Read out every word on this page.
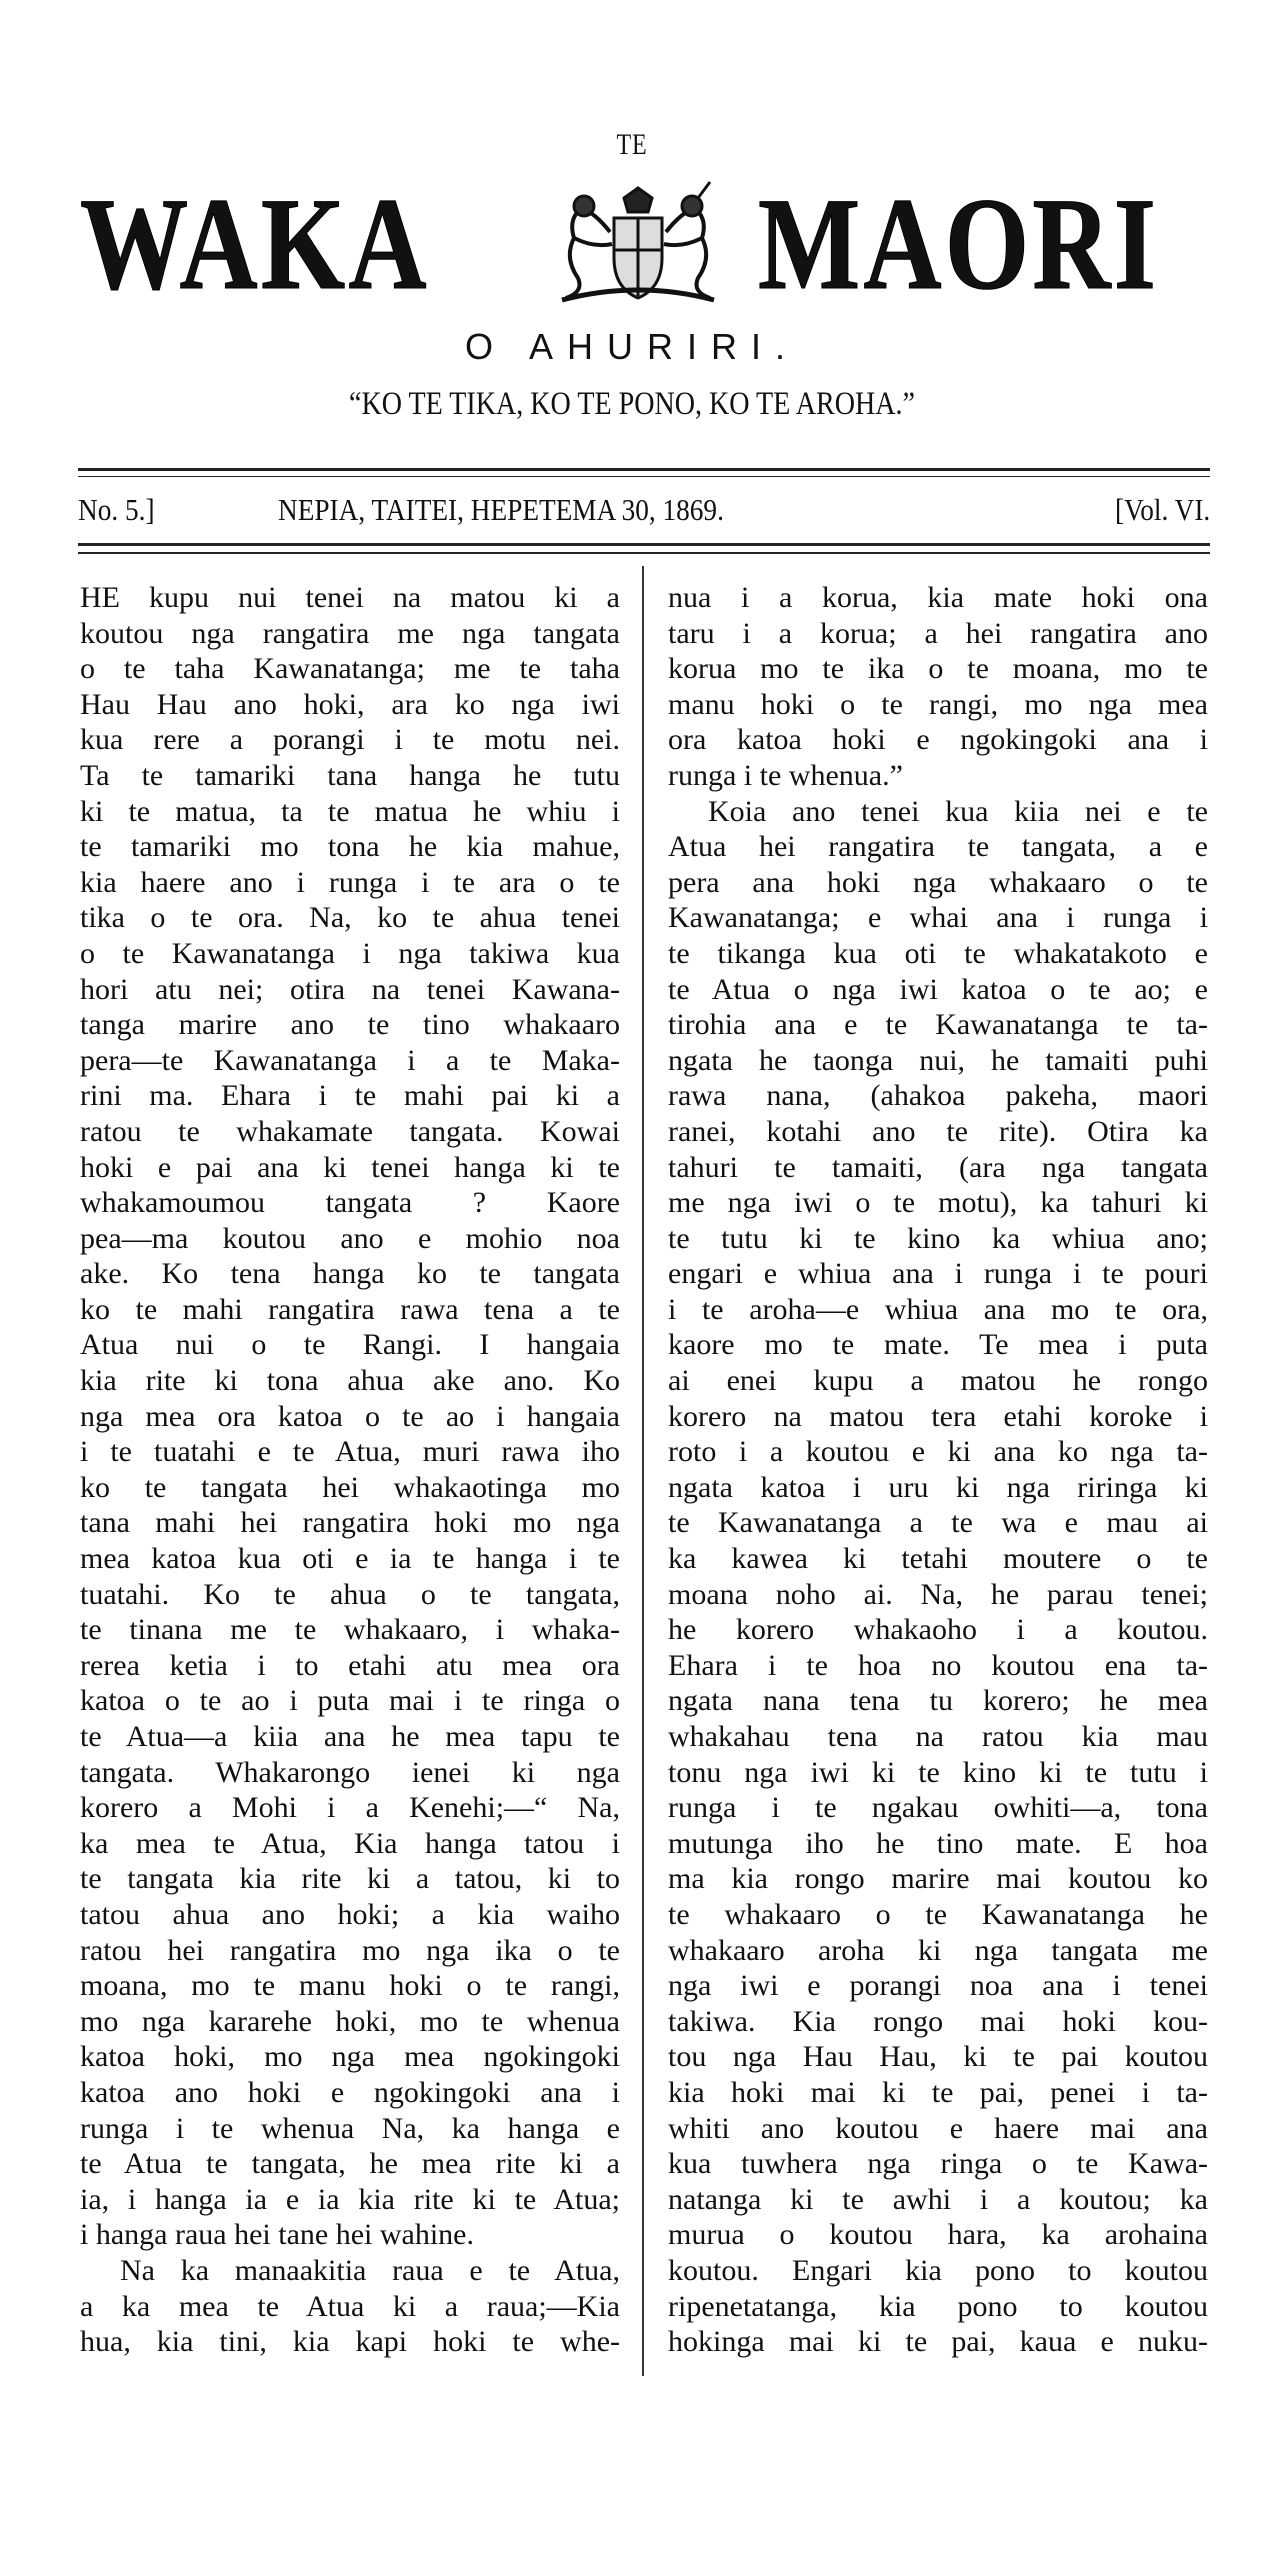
TE
WAKA MAORI
O AHURIRI.
“KO TE TIKA, KO TE PONO, KO TE AROHA.”
No. 5.]	NEPIA, TAITEI, HEPETEMA 30, 1869.	[Vol. VI.
HE kupu nui tenei na matou ki a
koutou nga rangatira me nga tangata
o te taha Kawanatanga; me te taha
Hau Hau ano hoki, ara ko nga iwi
kua rere a porangi i te motu nei.
Ta te tamariki tana hanga he tutu
ki te matua, ta te matua he whiu i
te tamariki mo tona he kia mahue,
kia haere ano i runga i te ara o te
tika o te ora. Na, ko te ahua tenei
o te Kawanatanga i nga takiwa kua
hori atu nei; otira na tenei Kawana-
tanga marire ano te tino whakaaro
pera—te Kawanatanga i a te Maka-
rini ma. Ehara i te mahi pai ki a
ratou te whakamate tangata. Kowai
hoki e pai ana ki tenei hanga ki te
whakamoumou tangata ? Kaore
pea—ma koutou ano e mohio noa
ake. Ko tena hanga ko te tangata
ko te mahi rangatira rawa tena a te
Atua nui o te Rangi. I hangaia
kia rite ki tona ahua ake ano. Ko
nga mea ora katoa o te ao i hangaia
i te tuatahi e te Atua, muri rawa iho
ko te tangata hei whakaotinga mo
tana mahi hei rangatira hoki mo nga
mea katoa kua oti e ia te hanga i te
tuatahi. Ko te ahua o te tangata,
te tinana me te whakaaro, i whaka-
rerea ketia i to etahi atu mea ora
katoa o te ao i puta mai i te ringa o
te Atua—a kiia ana he mea tapu te
tangata. Whakarongo ienei ki nga
korero a Mohi i a Kenehi;—“ Na,
ka mea te Atua, Kia hanga tatou i
te tangata kia rite ki a tatou, ki to
tatou ahua ano hoki; a kia waiho
ratou hei rangatira mo nga ika o te
moana, mo te manu hoki o te rangi,
mo nga kararehe hoki, mo te whenua
katoa hoki, mo nga mea ngokingoki
katoa ano hoki e ngokingoki ana i
runga i te whenua Na, ka hanga e
te Atua te tangata, he mea rite ki a
ia, i hanga ia e ia kia rite ki te Atua;
i hanga raua hei tane hei wahine.
Na ka manaakitia raua e te Atua,
a ka mea te Atua ki a raua;—Kia
hua, kia tini, kia kapi hoki te whe-
nua i a korua, kia mate hoki ona
taru i a korua; a hei rangatira ano
korua mo te ika o te moana, mo te
manu hoki o te rangi, mo nga mea
ora katoa hoki e ngokingoki ana i
runga i te whenua.”
Koia ano tenei kua kiia nei e te
Atua hei rangatira te tangata, a e
pera ana hoki nga whakaaro o te
Kawanatanga; e whai ana i runga i
te tikanga kua oti te whakatakoto e
te Atua o nga iwi katoa o te ao; e
tirohia ana e te Kawanatanga te ta-
ngata he taonga nui, he tamaiti puhi
rawa nana, (ahakoa pakeha, maori
ranei, kotahi ano te rite). Otira ka
tahuri te tamaiti, (ara nga tangata
me nga iwi o te motu), ka tahuri ki
te tutu ki te kino ka whiua ano;
engari e whiua ana i runga i te pouri
i te aroha—e whiua ana mo te ora,
kaore mo te mate. Te mea i puta
ai enei kupu a matou he rongo
korero na matou tera etahi koroke i
roto i a koutou e ki ana ko nga ta-
ngata katoa i uru ki nga riringa ki
te Kawanatanga a te wa e mau ai
ka kawea ki tetahi moutere o te
moana noho ai. Na, he parau tenei;
he korero whakaoho i a koutou.
Ehara i te hoa no koutou ena ta-
ngata nana tena tu korero; he mea
whakahau tena na ratou kia mau
tonu nga iwi ki te kino ki te tutu i
runga i te ngakau owhiti—a, tona
mutunga iho he tino mate. E hoa
ma kia rongo marire mai koutou ko
te whakaaro o te Kawanatanga he
whakaaro aroha ki nga tangata me
nga iwi e porangi noa ana i tenei
takiwa. Kia rongo mai hoki kou-
tou nga Hau Hau, ki te pai koutou
kia hoki mai ki te pai, penei i ta-
whiti ano koutou e haere mai ana
kua tuwhera nga ringa o te Kawa-
natanga ki te awhi i a koutou; ka
murua o koutou hara, ka arohaina
koutou. Engari kia pono to koutou
ripenetatanga, kia pono to koutou
hokinga mai ki te pai, kaua e nuku-
